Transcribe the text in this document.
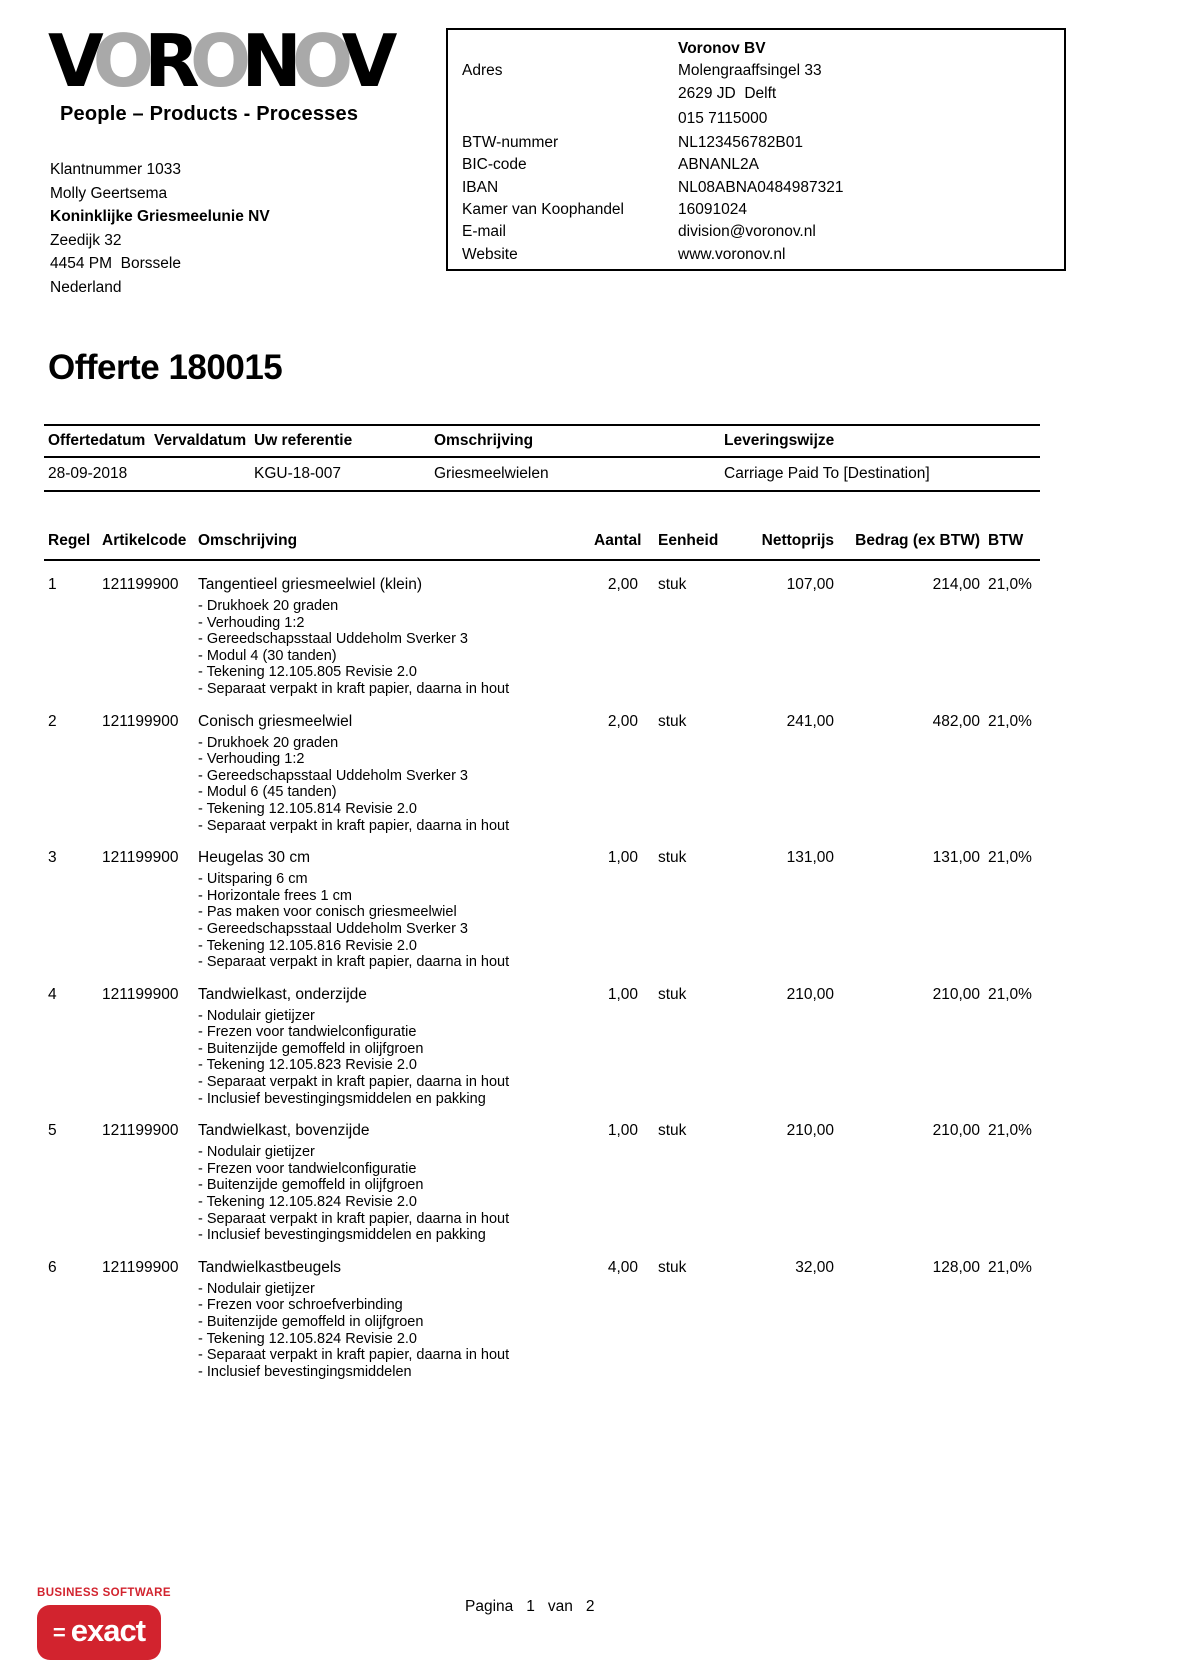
VORONOV
People – Products - Processes
Voronov BV
Adres	Molengraaffsingel 33
2629 JD  Delft
015 7115000
BTW-nummer	NL123456782B01
BIC-code	ABNANL2A
IBAN	NL08ABNA0484987321
Kamer van Koophandel	16091024
E-mail	division@voronov.nl
Website	www.voronov.nl
Klantnummer 1033
Molly Geertsema
Koninklijke Griesmeelunie NV
Zeedijk 32
4454 PM  Borssele
Nederland
Offerte 180015
Offertedatum	Vervaldatum	Uw referentie	Omschrijving	Leveringswijze
28-09-2018		KGU-18-007	Griesmeelwielen	Carriage Paid To [Destination]
Regel	Artikelcode	Omschrijving	Aantal	Eenheid	Nettoprijs	Bedrag (ex BTW)	BTW
1	121199900	Tangentieel griesmeelwiel (klein)	2,00	stuk	107,00	214,00	21,0%

- Drukhoek 20 graden
- Verhouding 1:2
- Gereedschapsstaal Uddeholm Sverker 3
- Modul 4 (30 tanden)
- Tekening 12.105.805 Revisie 2.0
- Separaat verpakt in kraft papier, daarna in hout

2	121199900	Conisch griesmeelwiel	2,00	stuk	241,00	482,00	21,0%

- Drukhoek 20 graden
- Verhouding 1:2
- Gereedschapsstaal Uddeholm Sverker 3
- Modul 6 (45 tanden)
- Tekening 12.105.814 Revisie 2.0
- Separaat verpakt in kraft papier, daarna in hout

3	121199900	Heugelas 30 cm	1,00	stuk	131,00	131,00	21,0%

- Uitsparing 6 cm
- Horizontale frees 1 cm
- Pas maken voor conisch griesmeelwiel
- Gereedschapsstaal Uddeholm Sverker 3
- Tekening 12.105.816 Revisie 2.0
- Separaat verpakt in kraft papier, daarna in hout

4	121199900	Tandwielkast, onderzijde	1,00	stuk	210,00	210,00	21,0%

- Nodulair gietijzer
- Frezen voor tandwielconfiguratie
- Buitenzijde gemoffeld in olijfgroen
- Tekening 12.105.823 Revisie 2.0
- Separaat verpakt in kraft papier, daarna in hout
- Inclusief bevestingingsmiddelen en pakking

5	121199900	Tandwielkast, bovenzijde	1,00	stuk	210,00	210,00	21,0%

- Nodulair gietijzer
- Frezen voor tandwielconfiguratie
- Buitenzijde gemoffeld in olijfgroen
- Tekening 12.105.824 Revisie 2.0
- Separaat verpakt in kraft papier, daarna in hout
- Inclusief bevestingingsmiddelen en pakking

6	121199900	Tandwielkastbeugels	4,00	stuk	32,00	128,00	21,0%

- Nodulair gietijzer
- Frezen voor schroefverbinding
- Buitenzijde gemoffeld in olijfgroen
- Tekening 12.105.824 Revisie 2.0
- Separaat verpakt in kraft papier, daarna in hout
- Inclusief bevestingingsmiddelen
BUSINESS SOFTWARE
= exact
Pagina 1 van 2
